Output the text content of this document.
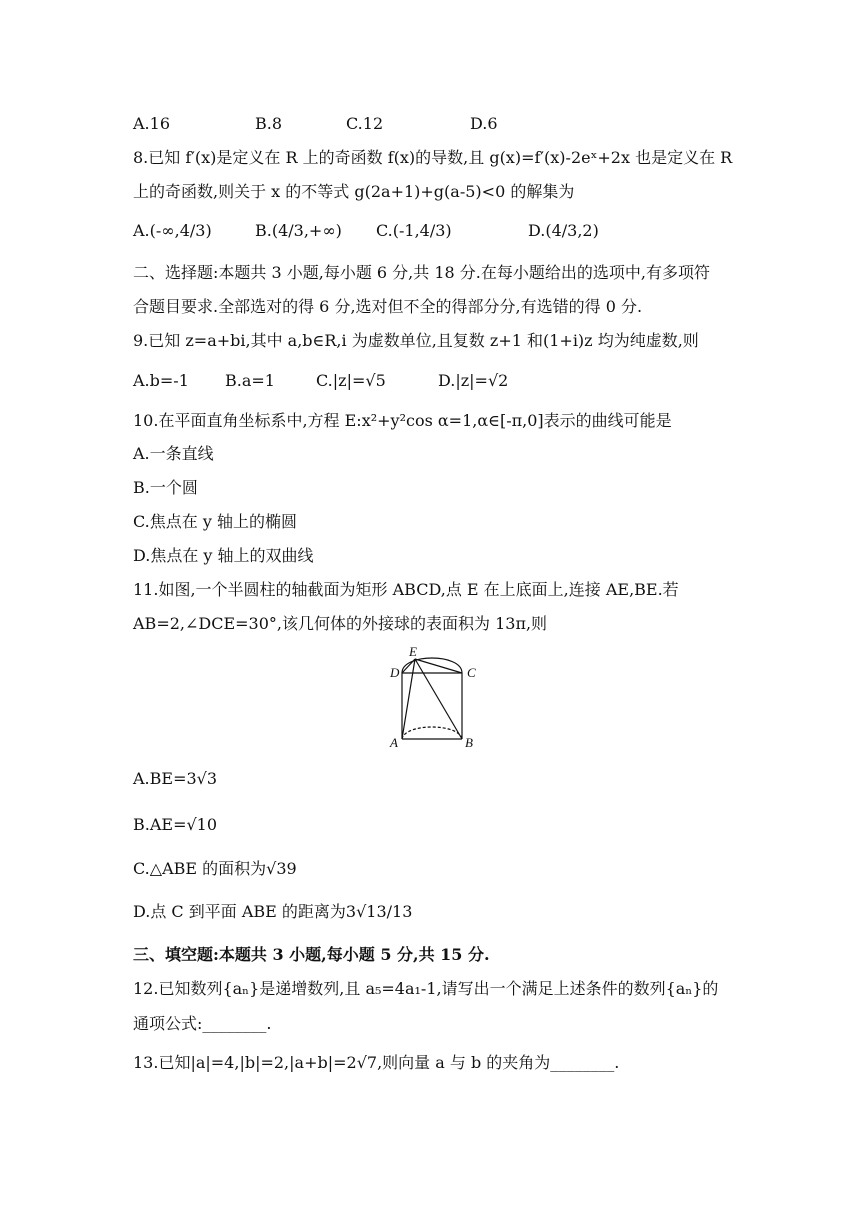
A.16	B.8	C.12	D.6
8.已知 f′(x)是定义在 R 上的奇函数 f(x)的导数,且 g(x)=f′(x)-2eˣ+2x 也是定义在 R
上的奇函数,则关于 x 的不等式 g(2a+1)+g(a-5)<0 的解集为
A.(-∞,4/3)	B.(4/3,+∞) C.(-1,4/3)	D.(4/3,2)
二、选择题:本题共 3 小题,每小题 6 分,共 18 分.在每小题给出的选项中,有多项符
合题目要求.全部选对的得 6 分,选对但不全的得部分分,有选错的得 0 分.
9.已知 z=a+bi,其中 a,b∈R,i 为虚数单位,且复数 z+1 和(1+i)z 均为纯虚数,则
A.b=-1 B.a=1	C.|z|=√5	D.|z|=√2
10.在平面直角坐标系中,方程 E:x²+y²cos α=1,α∈[-π,0]表示的曲线可能是
A.一条直线
B.一个圆
C.焦点在 y 轴上的椭圆
D.焦点在 y 轴上的双曲线
11.如图,一个半圆柱的轴截面为矩形 ABCD,点 E 在上底面上,连接 AE,BE.若
AB=2,∠DCE=30°,该几何体的外接球的表面积为 13π,则
E
D	C
A	B
A.BE=3√3
B.AE=√10
C.△ABE 的面积为√39
D.点 C 到平面 ABE 的距离为3√13/13
三、填空题:本题共 3 小题,每小题 5 分,共 15 分.
12.已知数列{aₙ}是递增数列,且 a₅=4a₁-1,请写出一个满足上述条件的数列{aₙ}的
通项公式:________.
13.已知|a|=4,|b|=2,|a+b|=2√7,则向量 a 与 b 的夹角为________.
